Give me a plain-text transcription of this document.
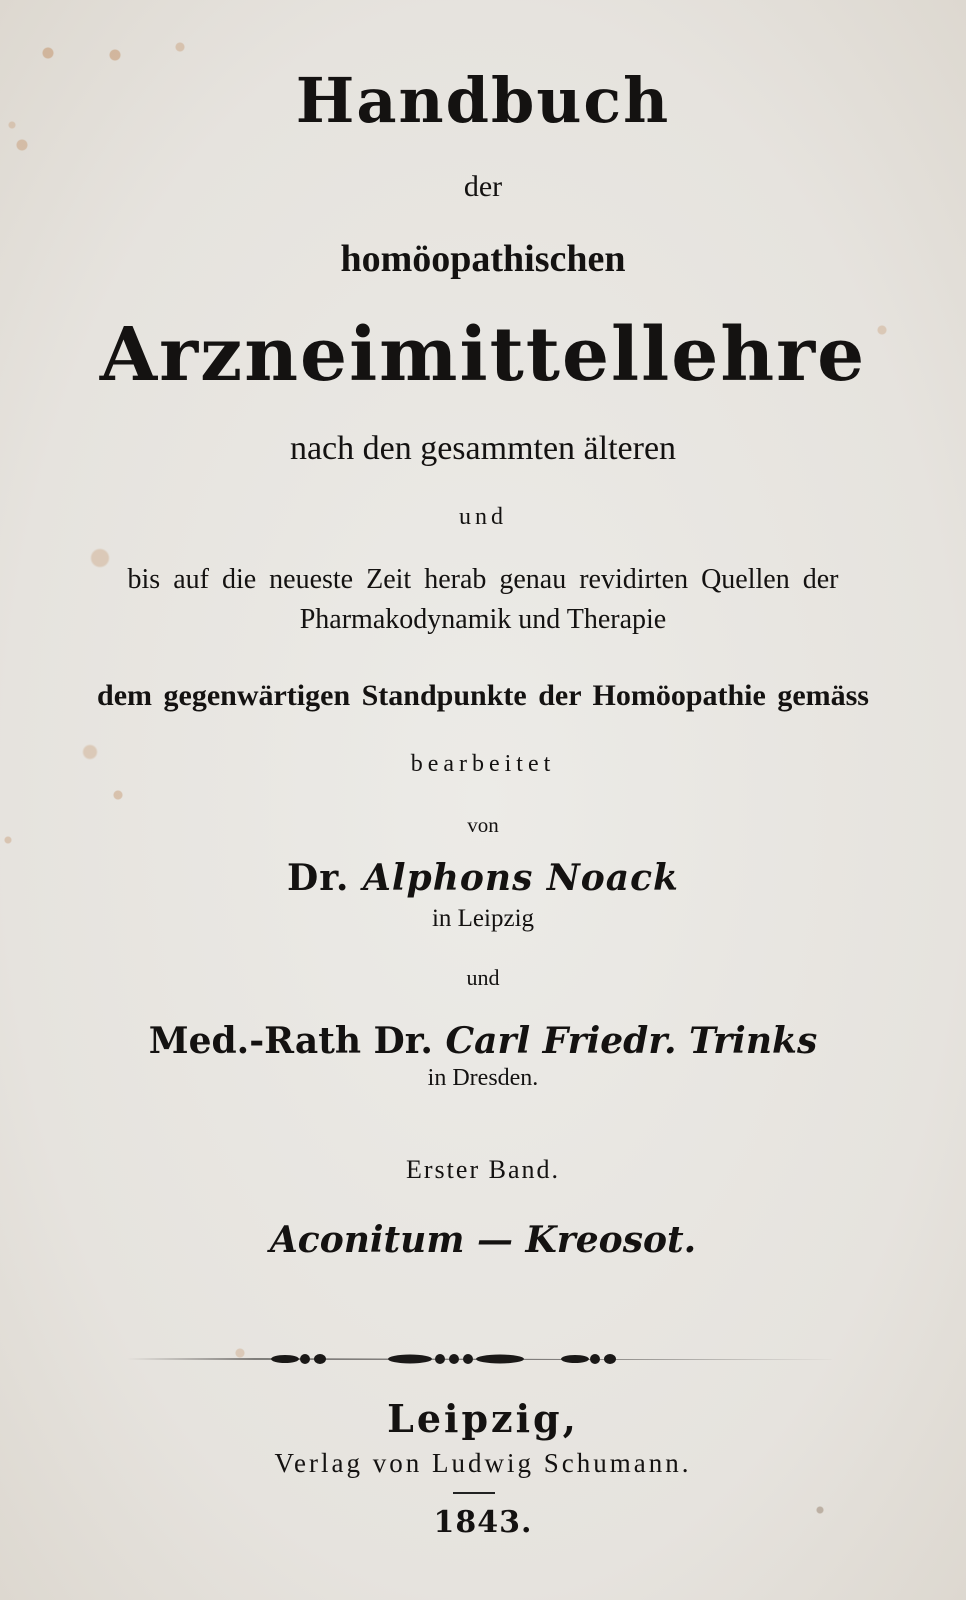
Handbuch
der
homöopathischen
Arzneimittellehre
nach den gesammten älteren
und
bis auf die neueste Zeit herab genau revidirten Quellen der
Pharmakodynamik und Therapie
dem gegenwärtigen Standpunkte der Homöopathie gemäss
bearbeitet
von
Dr. Alphons Noack
in Leipzig
und
Med.-Rath Dr. Carl Friedr. Trinks
in Dresden.
Erster Band.
Aconitum — Kreosot.
Leipzig,
Verlag von Ludwig Schumann.
1843.
